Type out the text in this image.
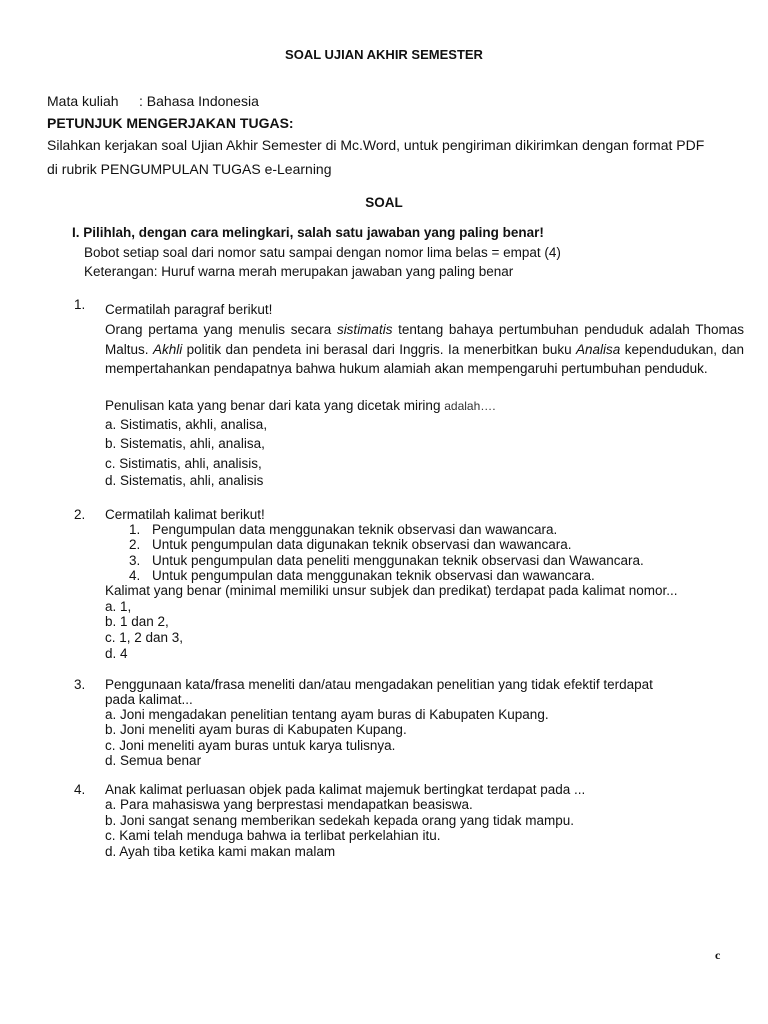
SOAL UJIAN AKHIR SEMESTER
Mata kuliah : Bahasa Indonesia
PETUNJUK MENGERJAKAN TUGAS:
Silahkan kerjakan soal Ujian Akhir Semester di Mc.Word, untuk pengiriman dikirimkan dengan format PDF
di rubrik PENGUMPULAN TUGAS e-Learning
SOAL
I. Pilihlah, dengan cara melingkari, salah satu jawaban yang paling benar!
Bobot setiap soal dari nomor satu sampai dengan nomor lima belas = empat (4)
Keterangan: Huruf warna merah merupakan jawaban yang paling benar
1. Cermatilah paragraf berikut!
Orang pertama yang menulis secara sistimatis tentang bahaya pertumbuhan penduduk adalah Thomas Maltus. Akhli politik dan pendeta ini berasal dari Inggris. Ia menerbitkan buku Analisa kependudukan, dan mempertahankan pendapatnya bahwa hukum alamiah akan mempengaruhi pertumbuhan penduduk.
Penulisan kata yang benar dari kata yang dicetak miring adalah….
a. Sistimatis, akhli, analisa,
b. Sistematis, ahli, analisa,
c. Sistimatis, ahli, analisis,
d. Sistematis, ahli, analisis
2. Cermatilah kalimat berikut!
1. Pengumpulan data menggunakan teknik observasi dan wawancara.
2. Untuk pengumpulan data digunakan teknik observasi dan wawancara.
3. Untuk pengumpulan data peneliti menggunakan teknik observasi dan Wawancara.
4. Untuk pengumpulan data menggunakan teknik observasi dan wawancara.
Kalimat yang benar (minimal memiliki unsur subjek dan predikat) terdapat pada kalimat nomor...
a. 1,
b. 1 dan 2,
c. 1, 2 dan 3,
d. 4
3. Penggunaan kata/frasa meneliti dan/atau mengadakan penelitian yang tidak efektif terdapat
pada kalimat...
a. Joni mengadakan penelitian tentang ayam buras di Kabupaten Kupang.
b. Joni meneliti ayam buras di Kabupaten Kupang.
c. Joni meneliti ayam buras untuk karya tulisnya.
d. Semua benar
4. Anak kalimat perluasan objek pada kalimat majemuk bertingkat terdapat pada ...
a. Para mahasiswa yang berprestasi mendapatkan beasiswa.
b. Joni sangat senang memberikan sedekah kepada orang yang tidak mampu.
c. Kami telah menduga bahwa ia terlibat perkelahian itu.
d. Ayah tiba ketika kami makan malam
c
